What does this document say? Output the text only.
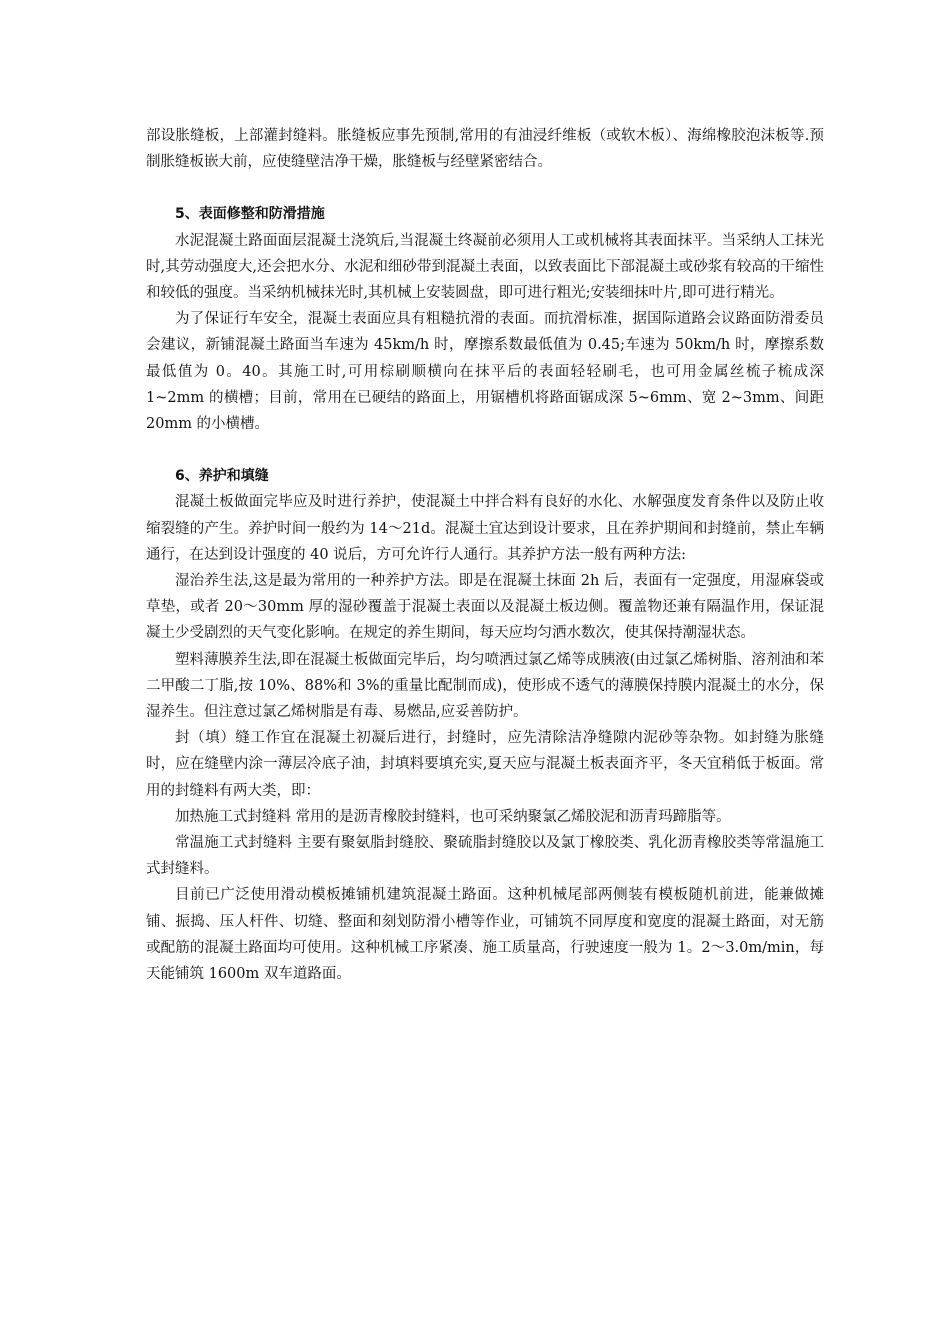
部设胀缝板，上部灌封缝料。胀缝板应事先预制,常用的有油浸纤维板（或软木板）、海绵橡胶泡沫板等.预制胀缝板嵌大前，应使缝壁洁净干燥，胀缝板与经壁紧密结合。

5、表面修整和防滑措施

水泥混凝土路面面层混凝土浇筑后,当混凝土终凝前必须用人工或机械将其表面抹平。当采纳人工抹光时,其劳动强度大,还会把水分、水泥和细砂带到混凝土表面，以致表面比下部混凝土或砂浆有较高的干缩性和较低的强度。当采纳机械抹光时,其机械上安装圆盘，即可进行粗光;安装细抹叶片,即可进行精光。

为了保证行车安全，混凝土表面应具有粗糙抗滑的表面。而抗滑标准，据国际道路会议路面防滑委员会建议，新铺混凝土路面当车速为 45km/h 时，摩擦系数最低值为 0.45;车速为 50km/h 时，摩擦系数最低值为 0。40。其施工时,可用棕刷顺横向在抹平后的表面轻轻刷毛，也可用金属丝梳子梳成深 1~2mm 的横槽；目前，常用在已硬结的路面上，用锯槽机将路面锯成深 5~6mm、宽 2~3mm、间距 20mm 的小横槽。

6、养护和填缝

混凝土板做面完毕应及时进行养护，使混凝土中拌合料有良好的水化、水解强度发育条件以及防止收缩裂缝的产生。养护时间一般约为 14～21d。混凝土宜达到设计要求，且在养护期间和封缝前，禁止车辆通行，在达到设计强度的 40 说后，方可允许行人通行。其养护方法一般有两种方法:

湿治养生法,这是最为常用的一种养护方法。即是在混凝土抹面 2h 后，表面有一定强度，用湿麻袋或草垫，或者 20～30mm 厚的湿砂覆盖于混凝土表面以及混凝土板边侧。覆盖物还兼有隔温作用，保证混凝土少受剧烈的天气变化影响。在规定的养生期间，每天应均匀洒水数次，使其保持潮湿状态。

塑料薄膜养生法,即在混凝土板做面完毕后，均匀喷洒过氯乙烯等成胰液(由过氯乙烯树脂、溶剂油和苯二甲酸二丁脂,按 10%、88%和 3%的重量比配制而成)，使形成不透气的薄膜保持膜内混凝土的水分，保湿养生。但注意过氯乙烯树脂是有毒、易燃品,应妥善防护。

封（填）缝工作宜在混凝土初凝后进行，封缝时，应先清除洁净缝隙内泥砂等杂物。如封缝为胀缝时，应在缝壁内涂一薄层冷底子油，封填料要填充实,夏天应与混凝土板表面齐平，冬天宜稍低于板面。常用的封缝料有两大类，即：

加热施工式封缝料 常用的是沥青橡胶封缝料，也可采纳聚氯乙烯胶泥和沥青玛蹄脂等。

常温施工式封缝料 主要有聚氨脂封缝胶、聚硫脂封缝胶以及氯丁橡胶类、乳化沥青橡胶类等常温施工式封缝料。

目前已广泛使用滑动模板摊铺机建筑混凝土路面。这种机械尾部两侧装有模板随机前进，能兼做摊铺、振捣、压人杆件、切缝、整面和刻划防滑小槽等作业，可铺筑不同厚度和宽度的混凝土路面，对无筋或配筋的混凝土路面均可使用。这种机械工序紧凑、施工质量高，行驶速度一般为 1。2～3.0m/min，每天能铺筑 1600m 双车道路面。
